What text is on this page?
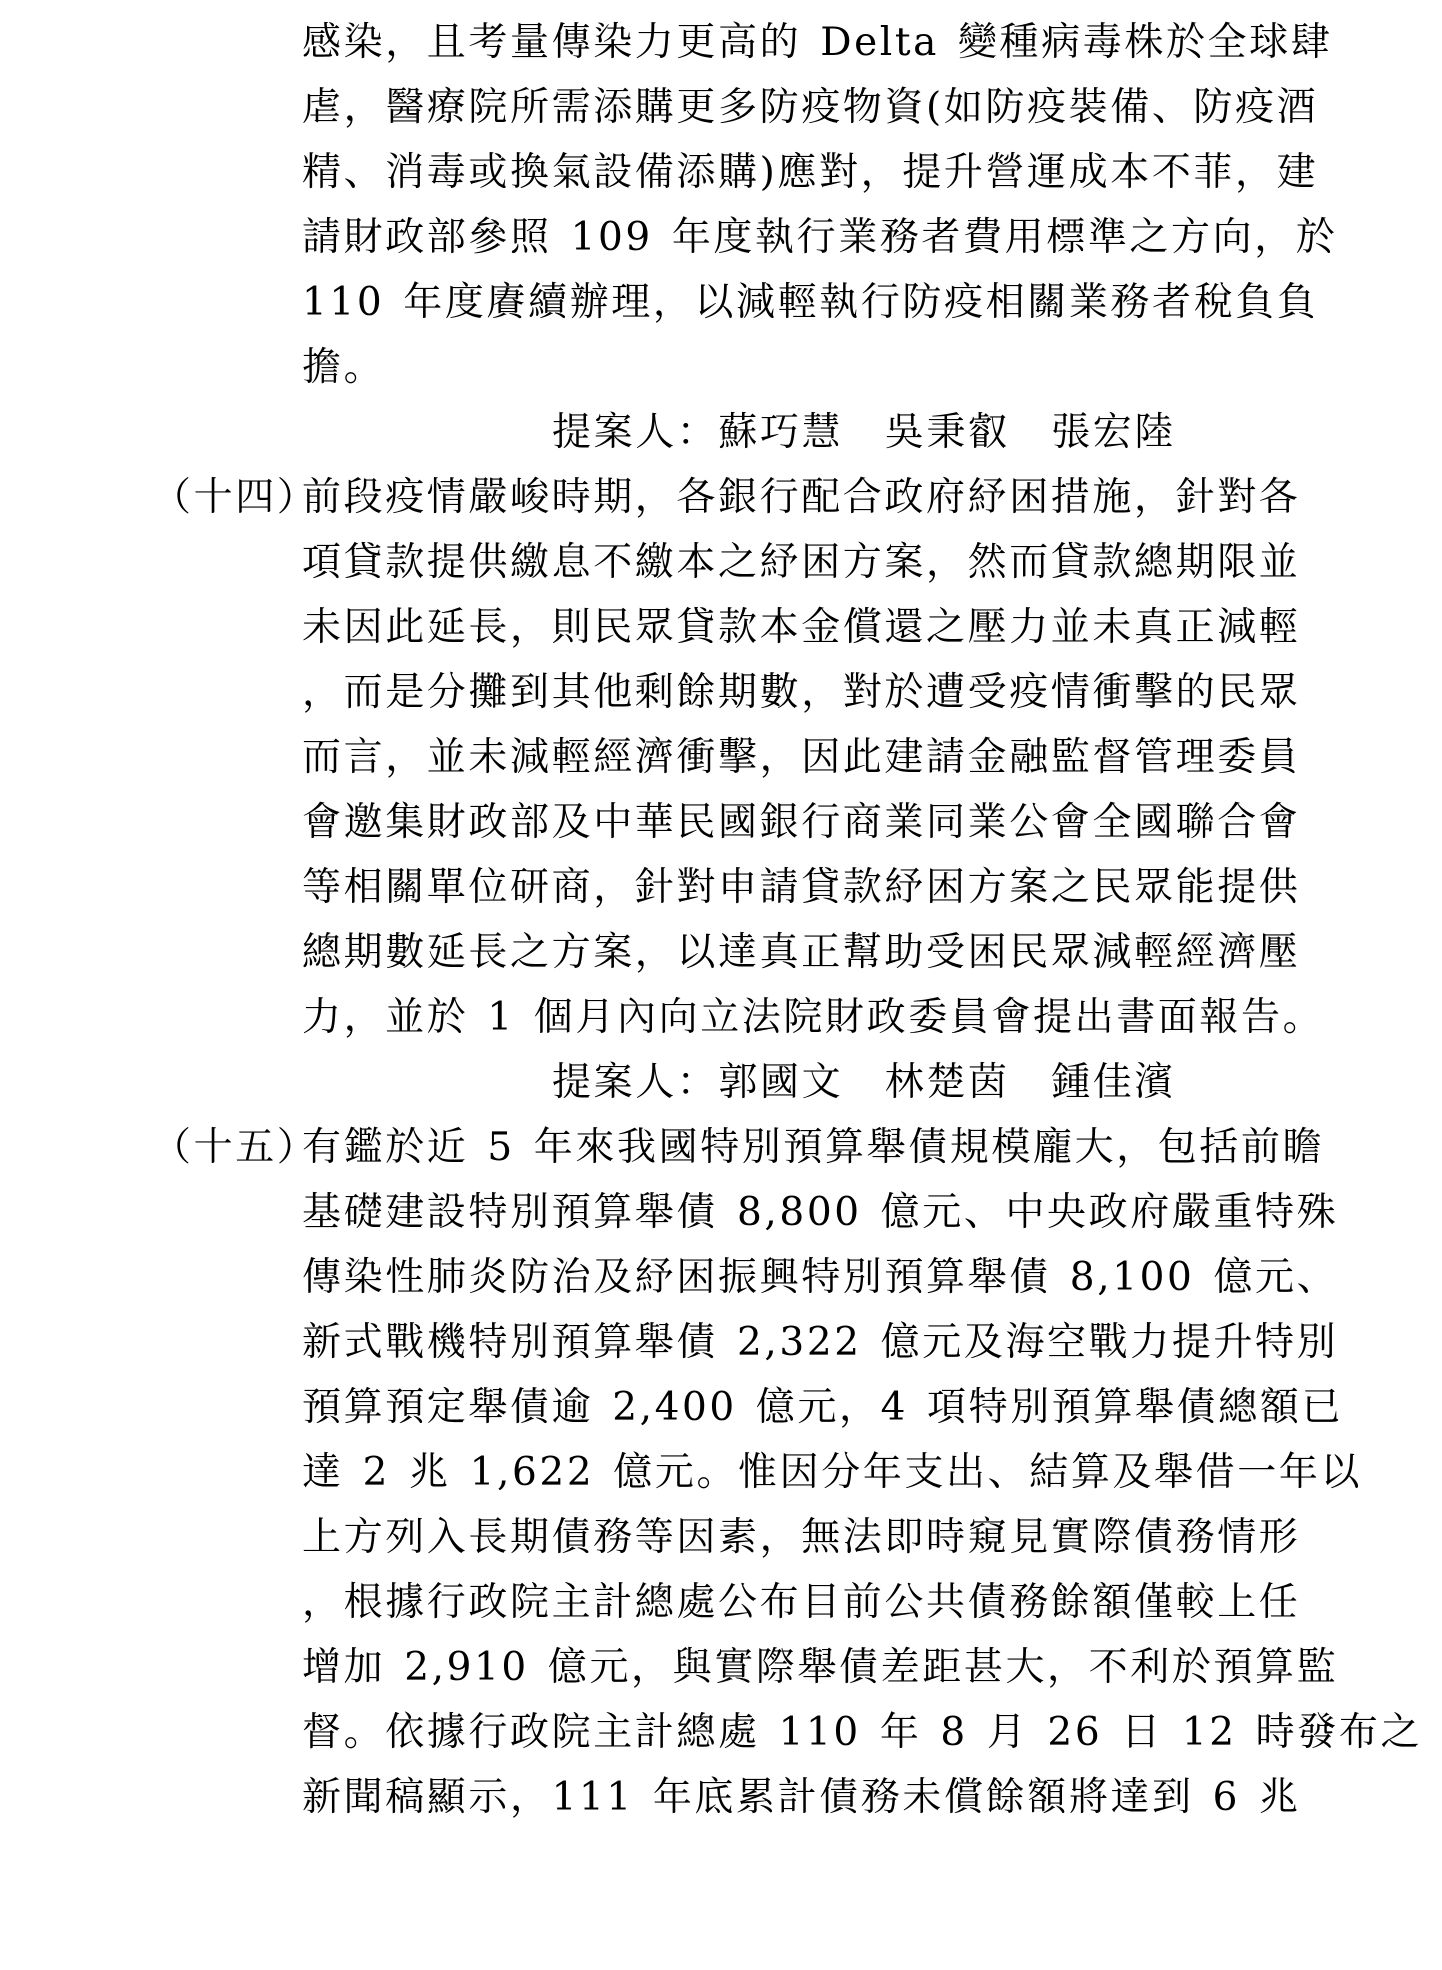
感染，且考量傳染力更高的 Delta 變種病毒株於全球肆
虐，醫療院所需添購更多防疫物資(如防疫裝備、防疫酒
精、消毒或換氣設備添購)應對，提升營運成本不菲，建
請財政部參照 109 年度執行業務者費用標準之方向，於
110 年度賡續辦理，以減輕執行防疫相關業務者稅負負
擔。
提案人：蘇巧慧　吳秉叡　張宏陸
（十四）
前段疫情嚴峻時期，各銀行配合政府紓困措施，針對各
項貸款提供繳息不繳本之紓困方案，然而貸款總期限並
未因此延長，則民眾貸款本金償還之壓力並未真正減輕
，而是分攤到其他剩餘期數，對於遭受疫情衝擊的民眾
而言，並未減輕經濟衝擊，因此建請金融監督管理委員
會邀集財政部及中華民國銀行商業同業公會全國聯合會
等相關單位研商，針對申請貸款紓困方案之民眾能提供
總期數延長之方案，以達真正幫助受困民眾減輕經濟壓
力，並於 1 個月內向立法院財政委員會提出書面報告。
提案人：郭國文　林楚茵　鍾佳濱
（十五）
有鑑於近 5 年來我國特別預算舉債規模龐大，包括前瞻
基礎建設特別預算舉債 8,800 億元、中央政府嚴重特殊
傳染性肺炎防治及紓困振興特別預算舉債 8,100 億元、
新式戰機特別預算舉債 2,322 億元及海空戰力提升特別
預算預定舉債逾 2,400 億元，4 項特別預算舉債總額已
達 2 兆 1,622 億元。惟因分年支出、結算及舉借一年以
上方列入長期債務等因素，無法即時窺見實際債務情形
，根據行政院主計總處公布目前公共債務餘額僅較上任
增加 2,910 億元，與實際舉債差距甚大，不利於預算監
督。依據行政院主計總處 110 年 8 月 26 日 12 時發布之
新聞稿顯示，111 年底累計債務未償餘額將達到 6 兆
